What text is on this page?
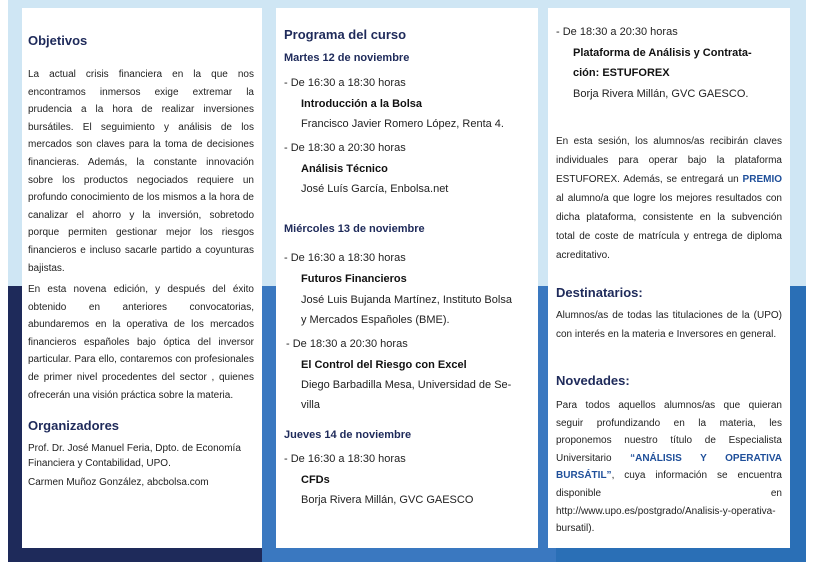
Objetivos
La actual crisis financiera en la que nos encontramos inmersos exige extremar la prudencia a la hora de realizar inversiones bursátiles. El seguimiento y análisis de los mercados son claves para la toma de decisiones financieras. Además, la constante innovación sobre los productos negociados requiere un profundo conocimiento de los mismos a la hora de canalizar el ahorro y la inversión, sobretodo porque permiten gestionar mejor los riesgos financieros e incluso sacarle partido a coyunturas bajistas.
En esta novena edición, y después del éxito obtenido en anteriores convocatorias, abundaremos en la operativa de los mercados financieros españoles bajo óptica del inversor particular. Para ello, contaremos con profesionales de primer nivel procedentes del sector , quienes ofrecerán una visión práctica sobre la materia.
Organizadores
Prof. Dr. José Manuel Feria, Dpto. de Economía Financiera y Contabilidad, UPO.
Carmen Muñoz González, abcbolsa.com
Programa del curso
Martes 12 de noviembre
- De 16:30 a 18:30 horas
Introducción a la Bolsa
Francisco Javier Romero López, Renta 4.
- De 18:30 a 20:30 horas
Análisis Técnico
José Luís García, Enbolsa.net
Miércoles 13 de noviembre
- De 16:30 a 18:30 horas
Futuros Financieros
José Luis Bujanda Martínez, Instituto Bolsa
y Mercados Españoles (BME).
- De 18:30 a 20:30 horas
El Control del Riesgo con Excel
Diego Barbadilla Mesa, Universidad de Se-
villa
Jueves 14 de noviembre
- De 16:30 a 18:30 horas
CFDs
Borja Rivera Millán, GVC GAESCO
- De 18:30 a 20:30 horas
Plataforma de Análisis y Contrata-
ción: ESTUFOREX
Borja Rivera Millán, GVC GAESCO.
En esta sesión, los alumnos/as recibirán claves individuales para operar bajo la plataforma ESTUFOREX. Además, se entregará un PREMIO al alumno/a que logre los mejores resultados con dicha plataforma, consistente en la subvención total de coste de matrícula y entrega de diploma acreditativo.
Destinatarios:
Alumnos/as de todas las titulaciones de la (UPO) con interés en la materia e Inversores en general.
Novedades:
Para todos aquellos alumnos/as que quieran seguir profundizando en la materia, les proponemos nuestro título de Especialista Universitario “ANÁLISIS Y OPERATIVA BURSÁTIL”, cuya información se encuentra disponible en http://www.upo.es/postgrado/Analisis-y-operativa-bursatil).
